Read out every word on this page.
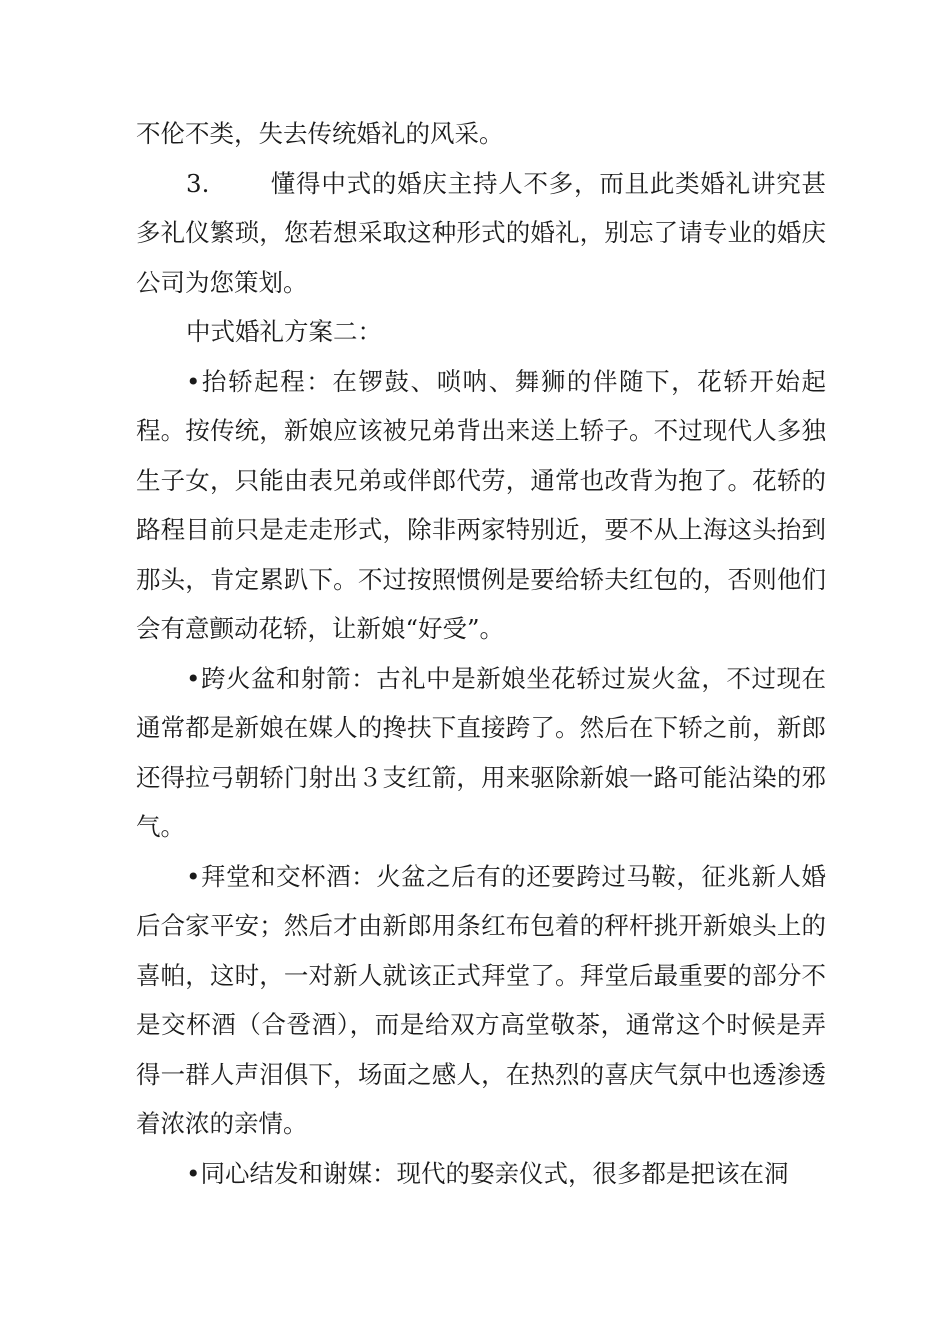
不伦不类，失去传统婚礼的风采。

3. 懂得中式的婚庆主持人不多，而且此类婚礼讲究甚多礼仪繁琐，您若想采取这种形式的婚礼，别忘了请专业的婚庆公司为您策划。

中式婚礼方案二：

•抬轿起程：在锣鼓、唢呐、舞狮的伴随下，花轿开始起程。按传统，新娘应该被兄弟背出来送上轿子。不过现代人多独生子女，只能由表兄弟或伴郎代劳，通常也改背为抱了。花轿的路程目前只是走走形式，除非两家特别近，要不从上海这头抬到那头，肯定累趴下。不过按照惯例是要给轿夫红包的，否则他们会有意颤动花轿，让新娘“好受”。

•跨火盆和射箭：古礼中是新娘坐花轿过炭火盆，不过现在通常都是新娘在媒人的搀扶下直接跨了。然后在下轿之前，新郎还得拉弓朝轿门射出３支红箭，用来驱除新娘一路可能沾染的邪气。

•拜堂和交杯酒：火盆之后有的还要跨过马鞍，征兆新人婚后合家平安；然后才由新郎用条红布包着的秤杆挑开新娘头上的喜帕，这时，一对新人就该正式拜堂了。拜堂后最重要的部分不是交杯酒（合卺酒），而是给双方高堂敬茶，通常这个时候是弄得一群人声泪俱下，场面之感人，在热烈的喜庆气氛中也透渗透着浓浓的亲情。

•同心结发和谢媒：现代的娶亲仪式，很多都是把该在洞
